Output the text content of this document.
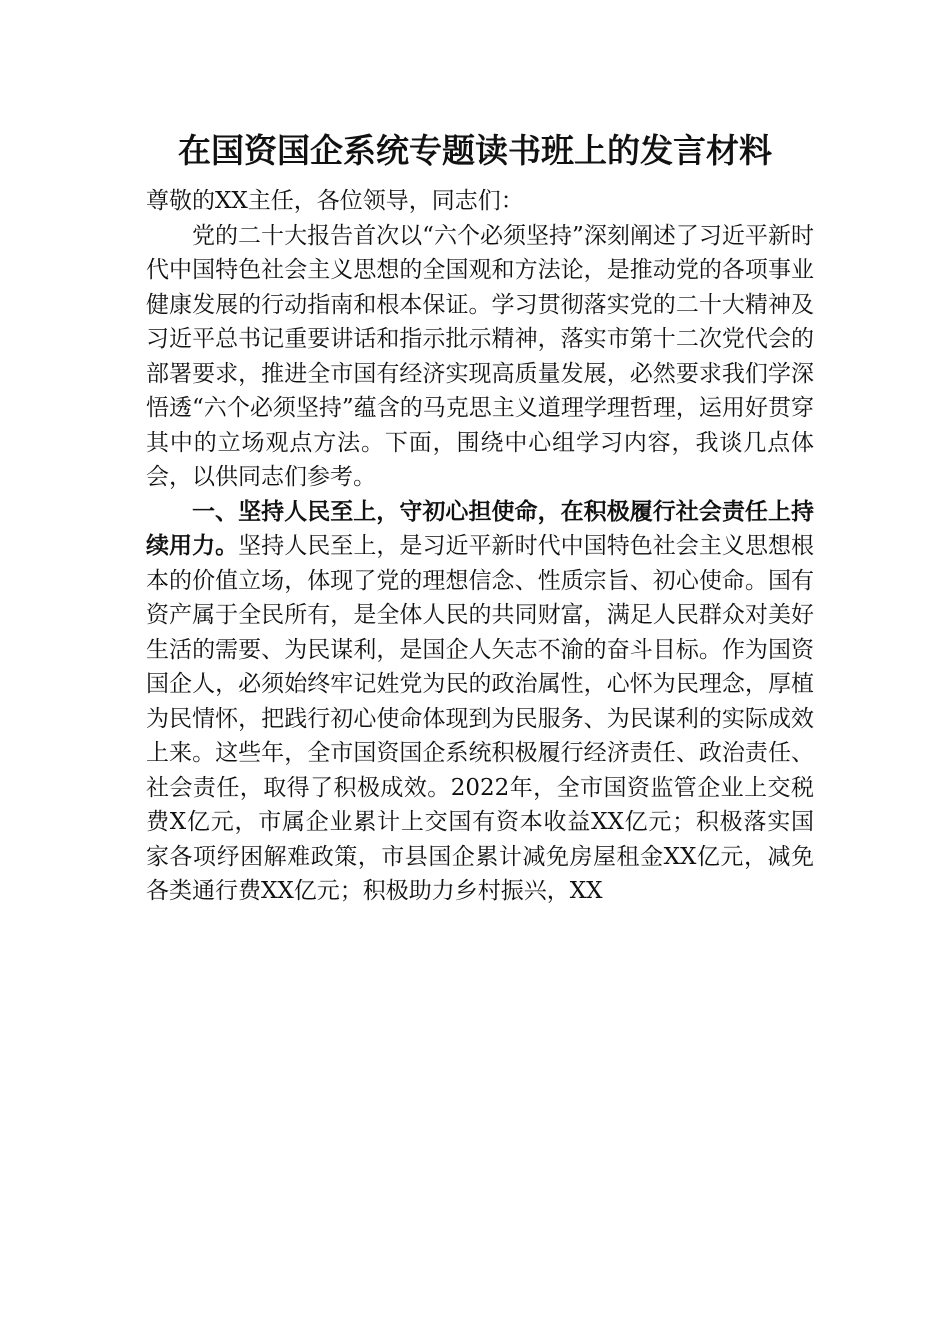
在国资国企系统专题读书班上的发言材料

尊敬的XX主任，各位领导，同志们：

党的二十大报告首次以“六个必须坚持”深刻阐述了习近平新时代中国特色社会主义思想的全国观和方法论，是推动党的各项事业健康发展的行动指南和根本保证。学习贯彻落实党的二十大精神及习近平总书记重要讲话和指示批示精神，落实市第十二次党代会的部署要求，推进全市国有经济实现高质量发展，必然要求我们学深悟透“六个必须坚持”蕴含的马克思主义道理学理哲理，运用好贯穿其中的立场观点方法。下面，围绕中心组学习内容，我谈几点体会，以供同志们参考。

一、坚持人民至上，守初心担使命，在积极履行社会责任上持续用力。坚持人民至上，是习近平新时代中国特色社会主义思想根本的价值立场，体现了党的理想信念、性质宗旨、初心使命。国有资产属于全民所有，是全体人民的共同财富，满足人民群众对美好生活的需要、为民谋利，是国企人矢志不渝的奋斗目标。作为国资国企人，必须始终牢记姓党为民的政治属性，心怀为民理念，厚植为民情怀，把践行初心使命体现到为民服务、为民谋利的实际成效上来。这些年，全市国资国企系统积极履行经济责任、政治责任、社会责任，取得了积极成效。2022年，全市国资监管企业上交税费X亿元，市属企业累计上交国有资本收益XX亿元；积极落实国家各项纾困解难政策，市县国企累计减免房屋租金XX亿元，减免各类通行费XX亿元；积极助力乡村振兴，XX
